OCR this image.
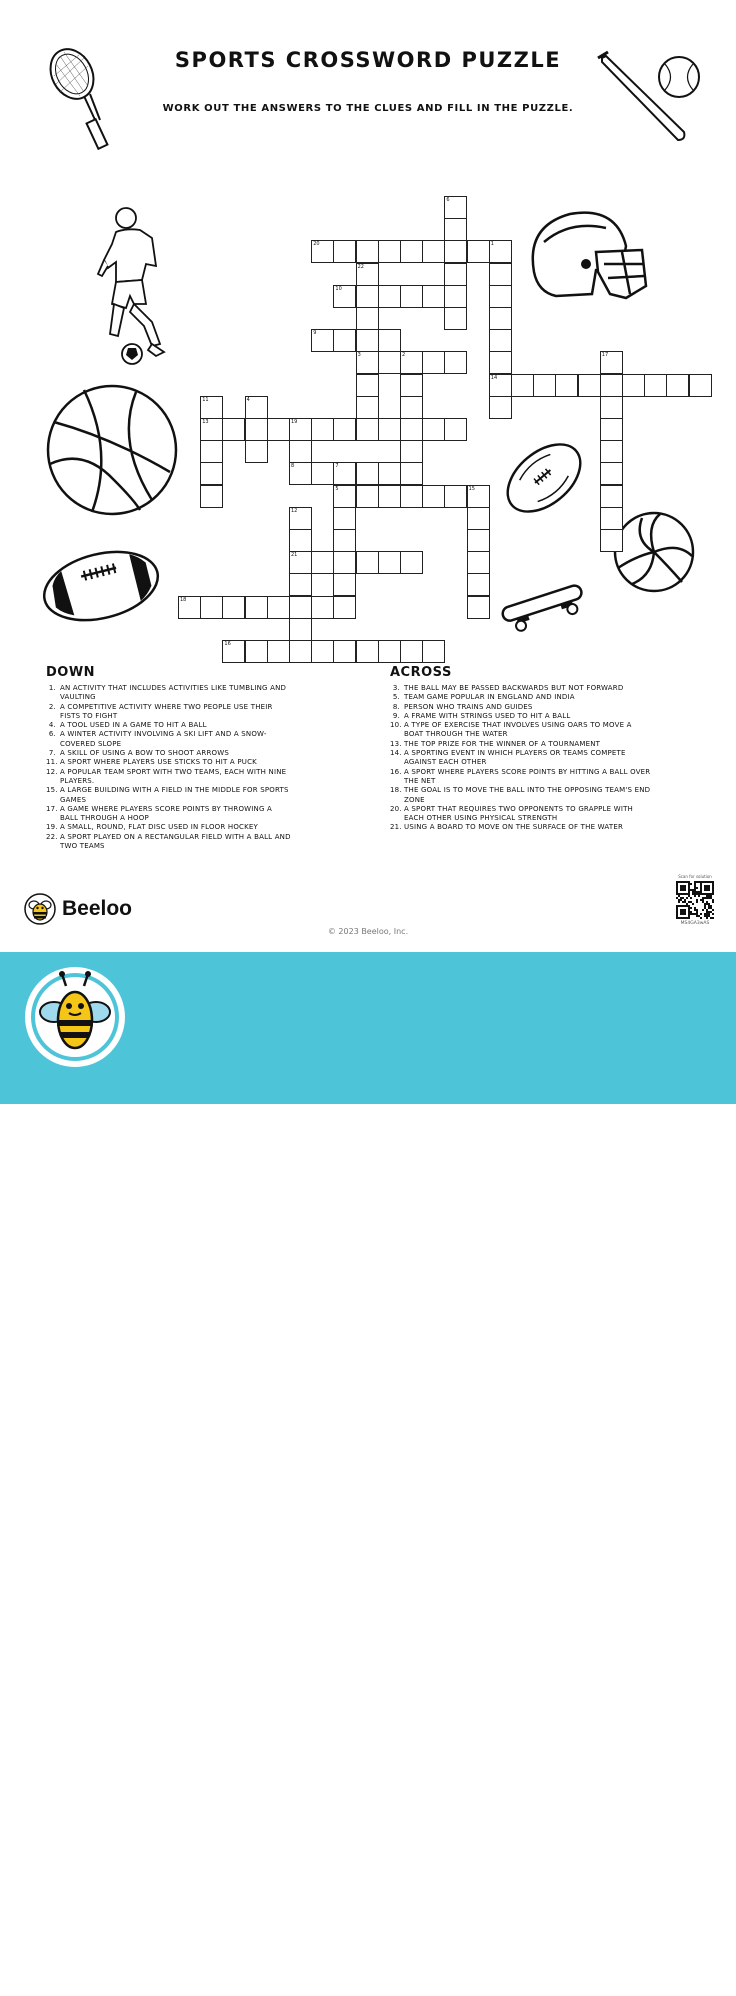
SPORTS CROSSWORD PUZZLE
WORK OUT THE ANSWERS TO THE CLUES AND FILL IN THE PUZZLE.
1
2
3
4
5
6
7
8
9
10
11
12
13
14
15
16
17
18
19
20
21
22
DOWN
1. AN ACTIVITY THAT INCLUDES ACTIVITIES LIKE TUMBLING AND VAULTING
2. A COMPETITIVE ACTIVITY WHERE TWO PEOPLE USE THEIR FISTS TO FIGHT
4. A TOOL USED IN A GAME TO HIT A BALL
6. A WINTER ACTIVITY INVOLVING A SKI LIFT AND A SNOW-COVERED SLOPE
7. A SKILL OF USING A BOW TO SHOOT ARROWS
11. A SPORT WHERE PLAYERS USE STICKS TO HIT A PUCK
12. A POPULAR TEAM SPORT WITH TWO TEAMS, EACH WITH NINE PLAYERS.
15. A LARGE BUILDING WITH A FIELD IN THE MIDDLE FOR SPORTS GAMES
17. A GAME WHERE PLAYERS SCORE POINTS BY THROWING A BALL THROUGH A HOOP
19. A SMALL, ROUND, FLAT DISC USED IN FLOOR HOCKEY
22. A SPORT PLAYED ON A RECTANGULAR FIELD WITH A BALL AND TWO TEAMS
ACROSS
3. THE BALL MAY BE PASSED BACKWARDS BUT NOT FORWARD
5. TEAM GAME POPULAR IN ENGLAND AND INDIA
8. PERSON WHO TRAINS AND GUIDES
9. A FRAME WITH STRINGS USED TO HIT A BALL
10. A TYPE OF EXERCISE THAT INVOLVES USING OARS TO MOVE A BOAT THROUGH THE WATER
13. THE TOP PRIZE FOR THE WINNER OF A TOURNAMENT
14. A SPORTING EVENT IN WHICH PLAYERS OR TEAMS COMPETE AGAINST EACH OTHER
16. A SPORT WHERE PLAYERS SCORE POINTS BY HITTING A BALL OVER THE NET
18. THE GOAL IS TO MOVE THE BALL INTO THE OPPOSING TEAM'S END ZONE
20. A SPORT THAT REQUIRES TWO OPPONENTS TO GRAPPLE WITH EACH OTHER USING PHYSICAL STRENGTH
21. USING A BOARD TO MOVE ON THE SURFACE OF THE WATER
Beeloo
© 2023 Beeloo, Inc.
Scan for solution
MS4GA3wAS
Crossword
